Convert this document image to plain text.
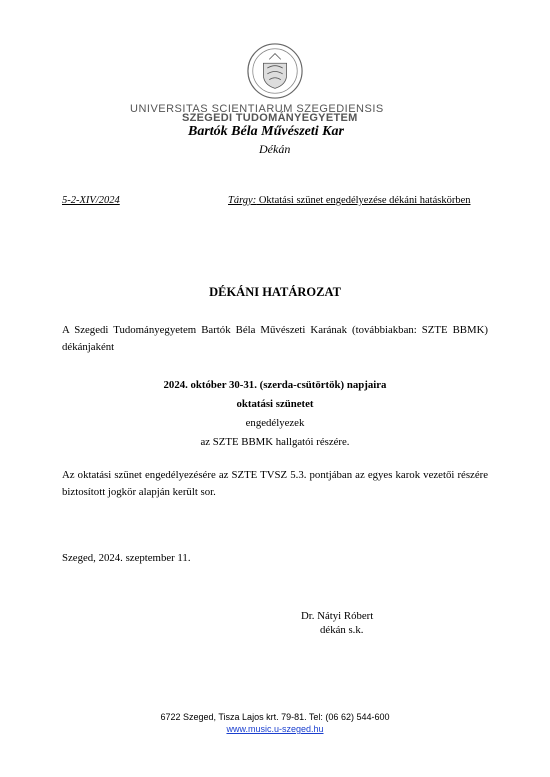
UNIVERSITAS SCIENTIARUM SZEGEDIENSIS
SZEGEDI TUDOMÁNYEGYETEM
Bartók Béla Művészeti Kar
Dékán
5-2-XIV/2024	Tárgy: Oktatási szünet engedélyezése dékáni hatáskörben
DÉKÁNI HATÁROZAT
A Szegedi Tudományegyetem Bartók Béla Művészeti Karának (továbbiakban: SZTE BBMK) dékánjaként
2024. október 30-31. (szerda-csütörtök) napjaira
oktatási szünetet
engedélyezek
az SZTE BBMK hallgatói részére.
Az oktatási szünet engedélyezésére az SZTE TVSZ 5.3. pontjában az egyes karok vezetői részére biztosított jogkör alapján került sor.
Szeged, 2024. szeptember 11.
Dr. Nátyi Róbert
dékán s.k.
6722 Szeged, Tisza Lajos krt. 79-81. Tel: (06 62) 544-600
www.music.u-szeged.hu
